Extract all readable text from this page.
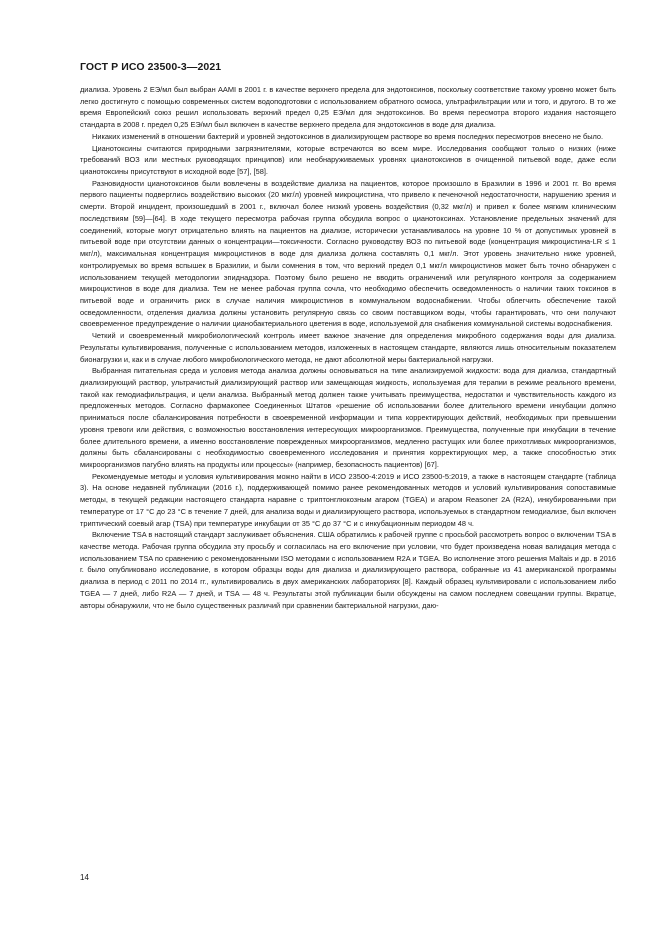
ГОСТ Р ИСО 23500-3—2021

диализа. Уровень 2 ЕЭ/мл был выбран AAMI в 2001 г. в качестве верхнего предела для эндотоксинов, поскольку соответствие такому уровню может быть легко достигнуто с помощью современных систем водоподготовки с использованием обратного осмоса, ультрафильтрации или и того, и другого. В то же время Европейский союз решил использовать верхний предел 0,25 ЕЭ/мл для эндотоксинов. Во время пересмотра второго издания настоящего стандарта в 2008 г. предел 0,25 ЕЭ/мл был включен в качестве верхнего предела для эндотоксинов в воде для диализа.

Никаких изменений в отношении бактерий и уровней эндотоксинов в диализирующем растворе во время последних пересмотров внесено не было.

Цианотоксины считаются природными загрязнителями, которые встречаются во всем мире. Исследования сообщают только о низких (ниже требований ВОЗ или местных руководящих принципов) или необнаруживаемых уровнях цианотоксинов в очищенной питьевой воде, даже если цианотоксины присутствуют в исходной воде [57], [58].

Разновидности цианотоксинов были вовлечены в воздействие диализа на пациентов, которое произошло в Бразилии в 1996 и 2001 гг. Во время первого пациенты подверглись воздействию высоких (20 мкг/л) уровней микроцистина, что привело к печеночной недостаточности, нарушению зрения и смерти. Второй инцидент, произошедший в 2001 г., включал более низкий уровень воздействия (0,32 мкг/л) и привел к более мягким клиническим последствиям [59]—[64]. В ходе текущего пересмотра рабочая группа обсудила вопрос о цианотоксинах. Установление предельных значений для соединений, которые могут отрицательно влиять на пациентов на диализе, исторически устанавливалось на уровне 10 % от допустимых уровней в питьевой воде при отсутствии данных о концентрации—токсичности. Согласно руководству ВОЗ по питьевой воде (концентрация микроцистина-LR ≤ 1 мкг/л), максимальная концентрация микроцистинов в воде для диализа должна составлять 0,1 мкг/л. Этот уровень значительно ниже уровней, контролируемых во время вспышек в Бразилии, и были сомнения в том, что верхний предел 0,1 мкг/л микроцистинов может быть точно обнаружен с использованием текущей методологии эпиднадзора. Поэтому было решено не вводить ограничений или регулярного контроля за содержанием микроцистинов в воде для диализа. Тем не менее рабочая группа сочла, что необходимо обеспечить осведомленность о наличии таких токсинов в питьевой воде и ограничить риск в случае наличия микроцистинов в коммунальном водоснабжении. Чтобы облегчить обеспечение такой осведомленности, отделения диализа должны установить регулярную связь со своим поставщиком воды, чтобы гарантировать, что они получают своевременное предупреждение о наличии цианобактериального цветения в воде, используемой для снабжения коммунальной системы водоснабжения.

Четкий и своевременный микробиологический контроль имеет важное значение для определения микробного содержания воды для диализа. Результаты культивирования, полученные с использованием методов, изложенных в настоящем стандарте, являются лишь относительным показателем бионагрузки и, как и в случае любого микробиологического метода, не дают абсолютной меры бактериальной нагрузки.

Выбранная питательная среда и условия метода анализа должны основываться на типе анализируемой жидкости: вода для диализа, стандартный диализирующий раствор, ультрачистый диализирующий раствор или замещающая жидкость, используемая для терапии в режиме реального времени, такой как гемодиафильтрация, и цели анализа. Выбранный метод должен также учитывать преимущества, недостатки и чувствительность каждого из предложенных методов. Согласно фармакопее Соединенных Штатов «решение об использовании более длительного времени инкубации должно приниматься после сбалансирования потребности в своевременной информации и типа корректирующих действий, необходимых при превышении уровня тревоги или действия, с возможностью восстановления интересующих микроорганизмов. Преимущества, полученные при инкубации в течение более длительного времени, а именно восстановление поврежденных микроорганизмов, медленно растущих или более прихотливых микроорганизмов, должны быть сбалансированы с необходимостью своевременного исследования и принятия корректирующих мер, а также способностью этих микроорганизмов пагубно влиять на продукты или процессы» (например, безопасность пациентов) [67].

Рекомендуемые методы и условия культивирования можно найти в ИСО 23500-4:2019 и ИСО 23500-5:2019, а также в настоящем стандарте (таблица 3). На основе недавней публикации (2016 г.), поддерживающей помимо ранее рекомендованных методов и условий культивирования сопоставимые методы, в текущей редакции настоящего стандарта наравне с триптонглюкозным агаром (TGEA) и агаром Reasoner 2A (R2A), инкубированными при температуре от 17 °С до 23 °С в течение 7 дней, для анализа воды и диализирующего раствора, используемых в стандартном гемодиализе, был включен триптический соевый агар (TSA) при температуре инкубации от 35 °С до 37 °С и с инкубационным периодом 48 ч.

Включение TSA в настоящий стандарт заслуживает объяснения. США обратились к рабочей группе с просьбой рассмотреть вопрос о включении TSA в качестве метода. Рабочая группа обсудила эту просьбу и согласилась на его включение при условии, что будет произведена новая валидация метода с использованием TSA по сравнению с рекомендованными ISO методами с использованием R2A и TGEA. Во исполнение этого решения Maltais и др. в 2016 г. было опубликовано исследование, в котором образцы воды для диализа и диализирующего раствора, собранные из 41 американской программы диализа в период с 2011 по 2014 гг., культивировались в двух американских лабораториях [8]. Каждый образец культивировали с использованием либо TGEA — 7 дней, либо R2A — 7 дней, и TSA — 48 ч. Результаты этой публикации были обсуждены на самом последнем совещании группы. Вкратце, авторы обнаружили, что не было существенных различий при сравнении бактериальной нагрузки, даю-

14
